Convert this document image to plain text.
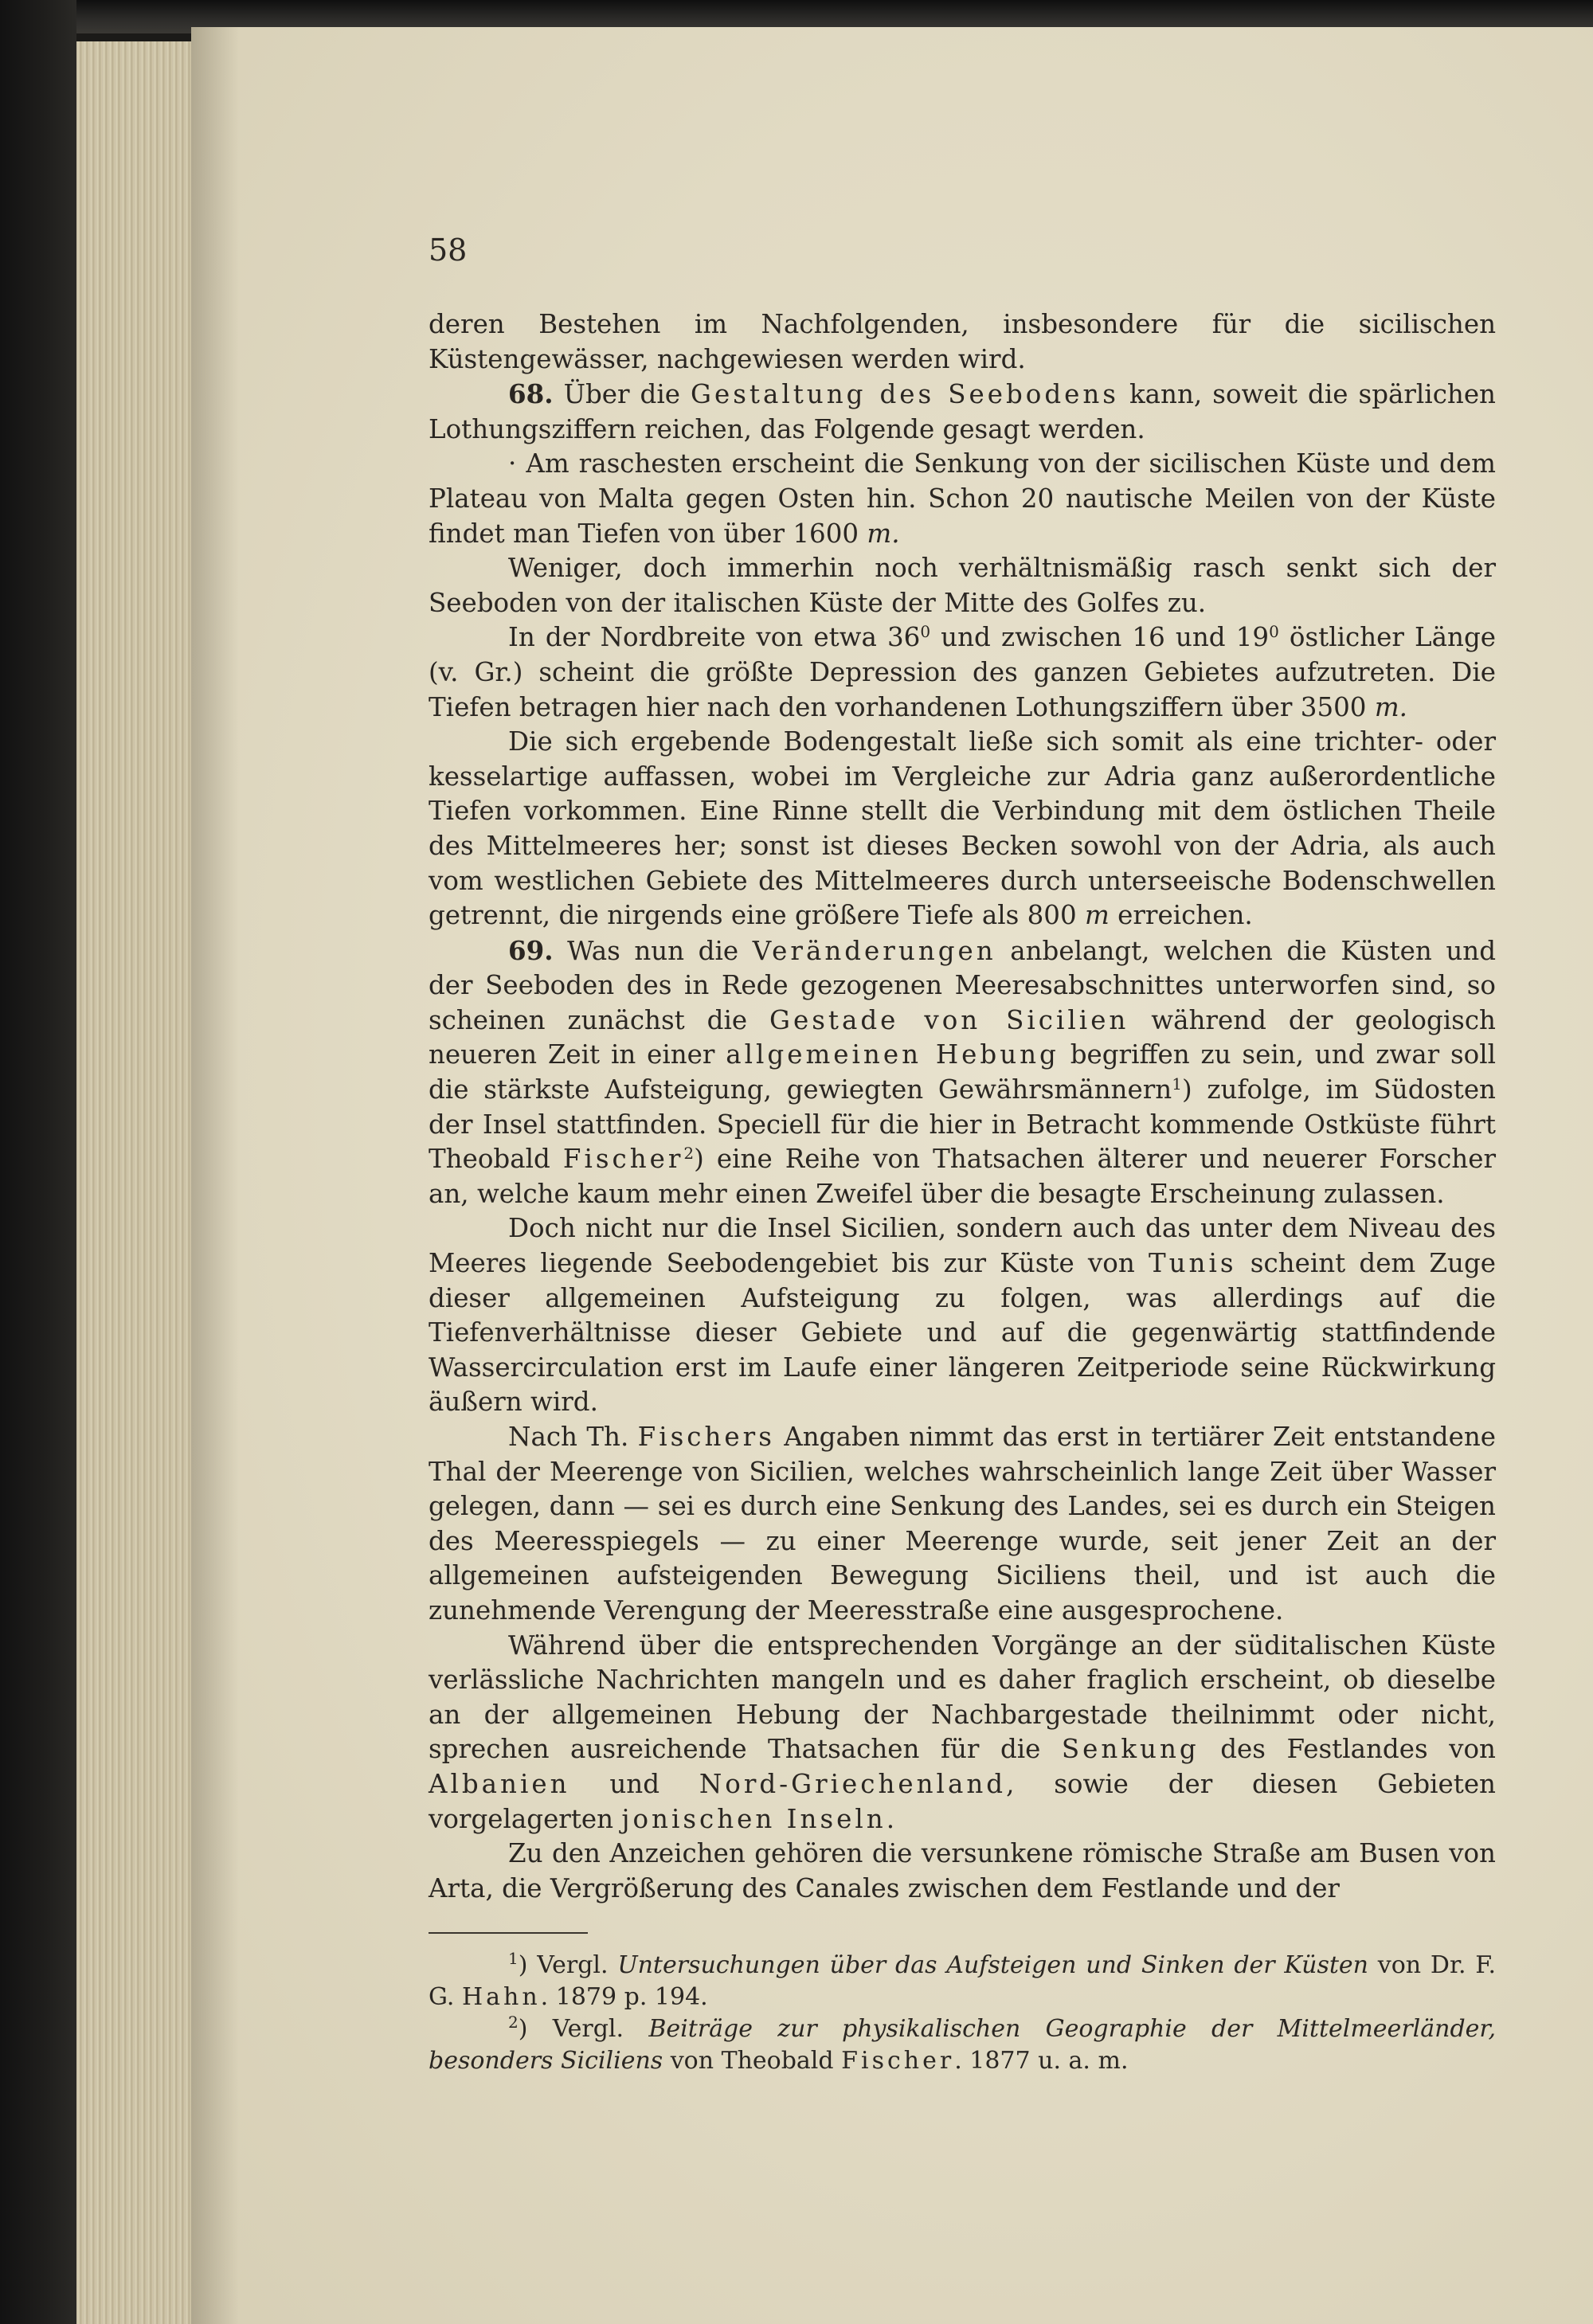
58

deren Bestehen im Nachfolgenden, insbesondere für die sicilischen Küstengewässer, nachgewiesen werden wird.

68. Über die Gestaltung des Seebodens kann, soweit die spärlichen Lothungsziffern reichen, das Folgende gesagt werden.

· Am raschesten erscheint die Senkung von der sicilischen Küste und dem Plateau von Malta gegen Osten hin. Schon 20 nautische Meilen von der Küste findet man Tiefen von über 1600 m.

Weniger, doch immerhin noch verhältnismäßig rasch senkt sich der Seeboden von der italischen Küste der Mitte des Golfes zu.

In der Nordbreite von etwa $36^0$ und zwischen 16 und $19^0$ östlicher Länge (v. Gr.) scheint die größte Depression des ganzen Gebietes aufzutreten. Die Tiefen betragen hier nach den vorhandenen Lothungsziffern über 3500 m.

Die sich ergebende Bodengestalt ließe sich somit als eine trichter- oder kesselartige auffassen, wobei im Vergleiche zur Adria ganz außerordentliche Tiefen vorkommen. Eine Rinne stellt die Verbindung mit dem östlichen Theile des Mittelmeeres her; sonst ist dieses Becken sowohl von der Adria, als auch vom westlichen Gebiete des Mittelmeeres durch unterseeische Bodenschwellen getrennt, die nirgends eine größere Tiefe als 800 m erreichen.

69. Was nun die Veränderungen anbelangt, welchen die Küsten und der Seeboden des in Rede gezogenen Meeresabschnittes unterworfen sind, so scheinen zunächst die Gestade von Sicilien während der geologisch neueren Zeit in einer allgemeinen Hebung begriffen zu sein, und zwar soll die stärkste Aufsteigung, gewiegten Gewährsmännern$^1$) zufolge, im Südosten der Insel stattfinden. Speciell für die hier in Betracht kommende Ostküste führt Theobald Fischer$^2$) eine Reihe von Thatsachen älterer und neuerer Forscher an, welche kaum mehr einen Zweifel über die besagte Erscheinung zulassen.

Doch nicht nur die Insel Sicilien, sondern auch das unter dem Niveau des Meeres liegende Seebodengebiet bis zur Küste von Tunis scheint dem Zuge dieser allgemeinen Aufsteigung zu folgen, was allerdings auf die Tiefenverhältnisse dieser Gebiete und auf die gegenwärtig stattfindende Wassercirculation erst im Laufe einer längeren Zeitperiode seine Rückwirkung äußern wird.

Nach Th. Fischers Angaben nimmt das erst in tertiärer Zeit entstandene Thal der Meerenge von Sicilien, welches wahrscheinlich lange Zeit über Wasser gelegen, dann — sei es durch eine Senkung des Landes, sei es durch ein Steigen des Meeresspiegels — zu einer Meerenge wurde, seit jener Zeit an der allgemeinen aufsteigenden Bewegung Siciliens theil, und ist auch die zunehmende Verengung der Meeresstraße eine ausgesprochene.

Während über die entsprechenden Vorgänge an der süditalischen Küste verlässliche Nachrichten mangeln und es daher fraglich erscheint, ob dieselbe an der allgemeinen Hebung der Nachbargestade theilnimmt oder nicht, sprechen ausreichende Thatsachen für die Senkung des Festlandes von Albanien und Nord-Griechenland, sowie der diesen Gebieten vorgelagerten jonischen Inseln.

Zu den Anzeichen gehören die versunkene römische Straße am Busen von Arta, die Vergrößerung des Canales zwischen dem Festlande und der

$^1$) Vergl. Untersuchungen über das Aufsteigen und Sinken der Küsten von Dr. F. G. Hahn. 1879 p. 194.

$^2$) Vergl. Beiträge zur physikalischen Geographie der Mittelmeerländer, besonders Siciliens von Theobald Fischer. 1877 u. a. m.
